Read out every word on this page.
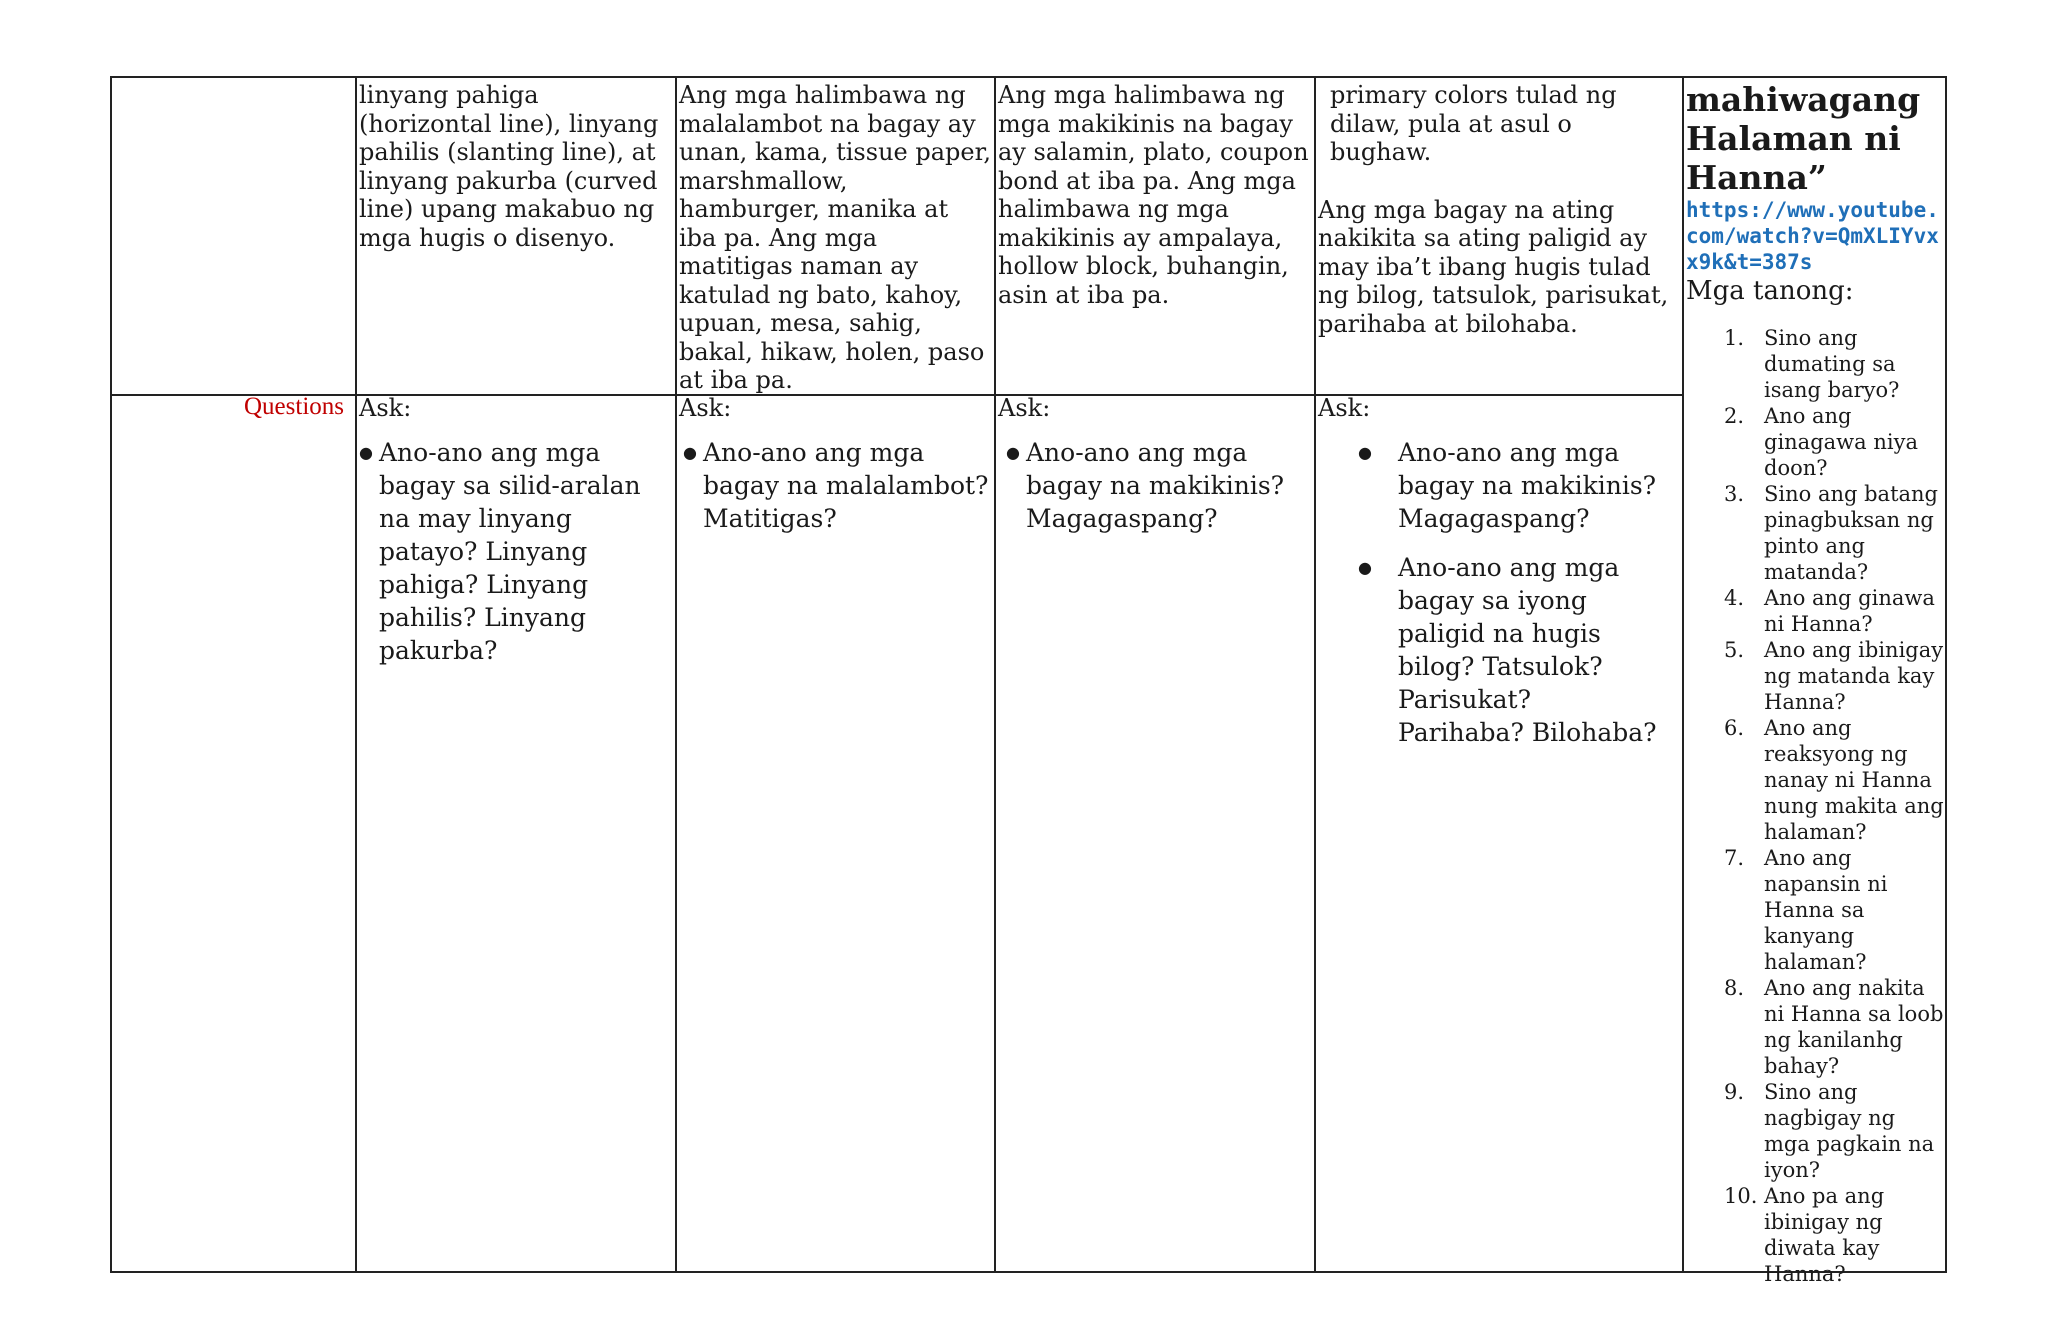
linyang pahiga (horizontal line), linyang pahilis (slanting line), at linyang pakurba (curved line) upang makabuo ng mga hugis o disenyo.

Ang mga halimbawa ng malalambot na bagay ay unan, kama, tissue paper, marshmallow, hamburger, manika at iba pa. Ang mga matitigas naman ay katulad ng bato, kahoy, upuan, mesa, sahig, bakal, hikaw, holen, paso at iba pa.

Ang mga halimbawa ng mga makikinis na bagay ay salamin, plato, coupon bond at iba pa. Ang mga halimbawa ng mga makikinis ay ampalaya, hollow block, buhangin, asin at iba pa.

primary colors tulad ng dilaw, pula at asul o bughaw.

Ang mga bagay na ating nakikita sa ating paligid ay may iba’t ibang hugis tulad ng bilog, tatsulok, parisukat, parihaba at bilohaba.

Questions Ask:
● Ano-ano ang mga bagay sa silid-aralan na may linyang patayo? Linyang pahiga? Linyang pahilis? Linyang pakurba?
Ask:
● Ano-ano ang mga bagay na malalambot? Matitigas?
Ask:
● Ano-ano ang mga bagay na makikinis? Magagaspang?
Ask:
● Ano-ano ang mga bagay na makikinis? Magagaspang?
● Ano-ano ang mga bagay sa iyong paligid na hugis bilog? Tatsulok? Parisukat? Parihaba? Bilohaba?

mahiwagang Halaman ni Hanna”

https://www.youtube.com/watch?v=QmXLIYvxx9k&t=387s
Mga tanong:
1. Sino ang dumating sa isang baryo?
2. Ano ang ginagawa niya doon?
3. Sino ang batang pinagbuksan ng pinto ang matanda?
4. Ano ang ginawa ni Hanna?
5. Ano ang ibinigay ng matanda kay Hanna?
6. Ano ang reaksyong ng nanay ni Hanna nung makita ang halaman?
7. Ano ang napansin ni Hanna sa kanyang halaman?
8. Ano ang nakita ni Hanna sa loob ng kanilanhg bahay?
9. Sino ang nagbigay ng mga pagkain na iyon?
10. Ano pa ang ibinigay ng diwata kay Hanna?
